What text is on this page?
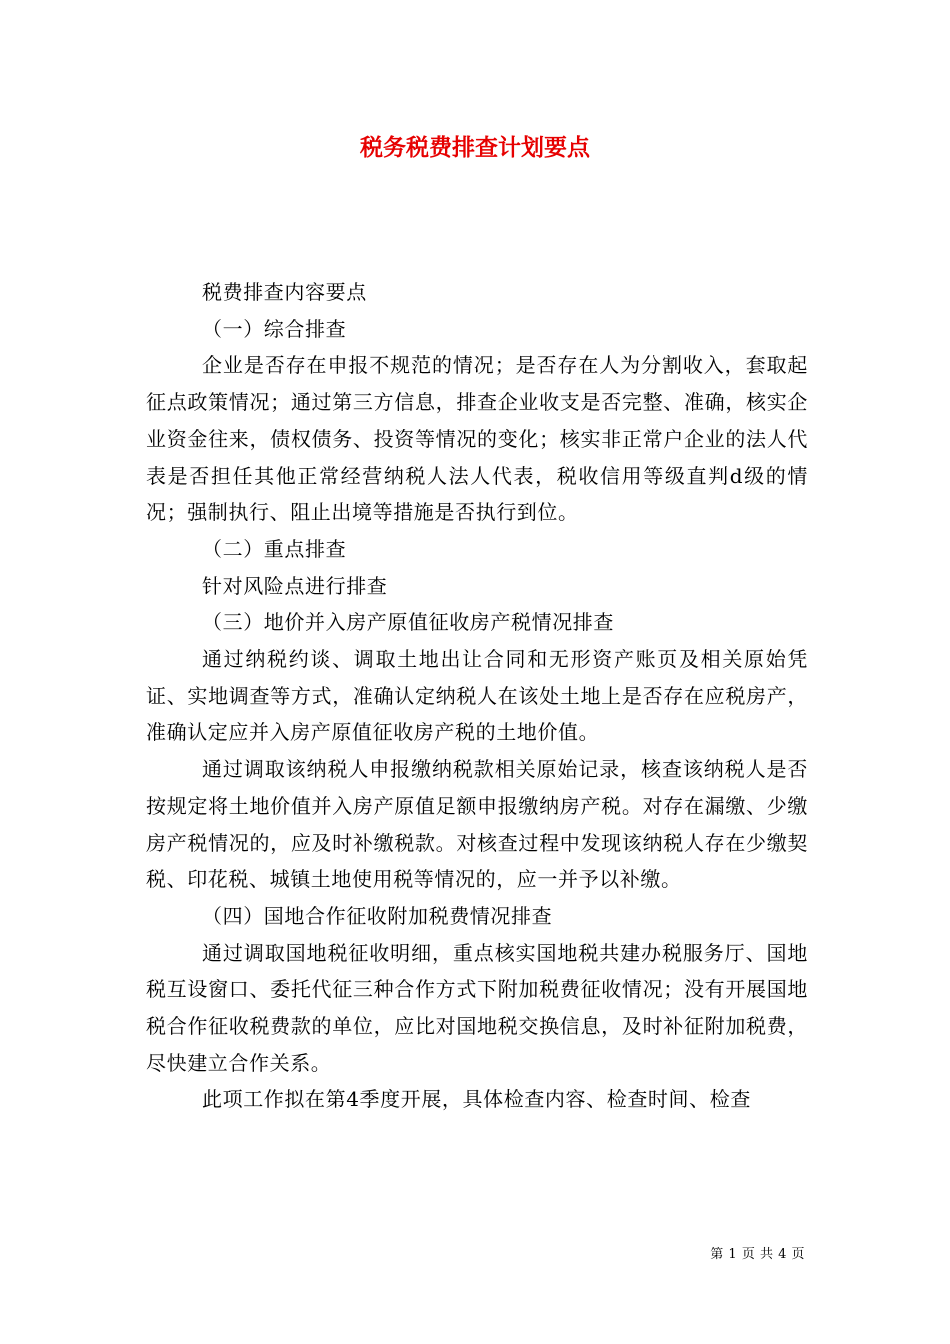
税务税费排查计划要点

税费排查内容要点

（一）综合排查

企业是否存在申报不规范的情况；是否存在人为分割收入，套取起征点政策情况；通过第三方信息，排查企业收支是否完整、准确，核实企业资金往来，债权债务、投资等情况的变化；核实非正常户企业的法人代表是否担任其他正常经营纳税人法人代表，税收信用等级直判d级的情况；强制执行、阻止出境等措施是否执行到位。

（二）重点排查

针对风险点进行排查

（三）地价并入房产原值征收房产税情况排查

通过纳税约谈、调取土地出让合同和无形资产账页及相关原始凭证、实地调查等方式，准确认定纳税人在该处土地上是否存在应税房产，准确认定应并入房产原值征收房产税的土地价值。

通过调取该纳税人申报缴纳税款相关原始记录，核查该纳税人是否按规定将土地价值并入房产原值足额申报缴纳房产税。对存在漏缴、少缴房产税情况的，应及时补缴税款。对核查过程中发现该纳税人存在少缴契税、印花税、城镇土地使用税等情况的，应一并予以补缴。

（四）国地合作征收附加税费情况排查

通过调取国地税征收明细，重点核实国地税共建办税服务厅、国地税互设窗口、委托代征三种合作方式下附加税费征收情况；没有开展国地税合作征收税费款的单位，应比对国地税交换信息，及时补征附加税费，尽快建立合作关系。

此项工作拟在第4季度开展，具体检查内容、检查时间、检查

第 1 页 共 4 页
